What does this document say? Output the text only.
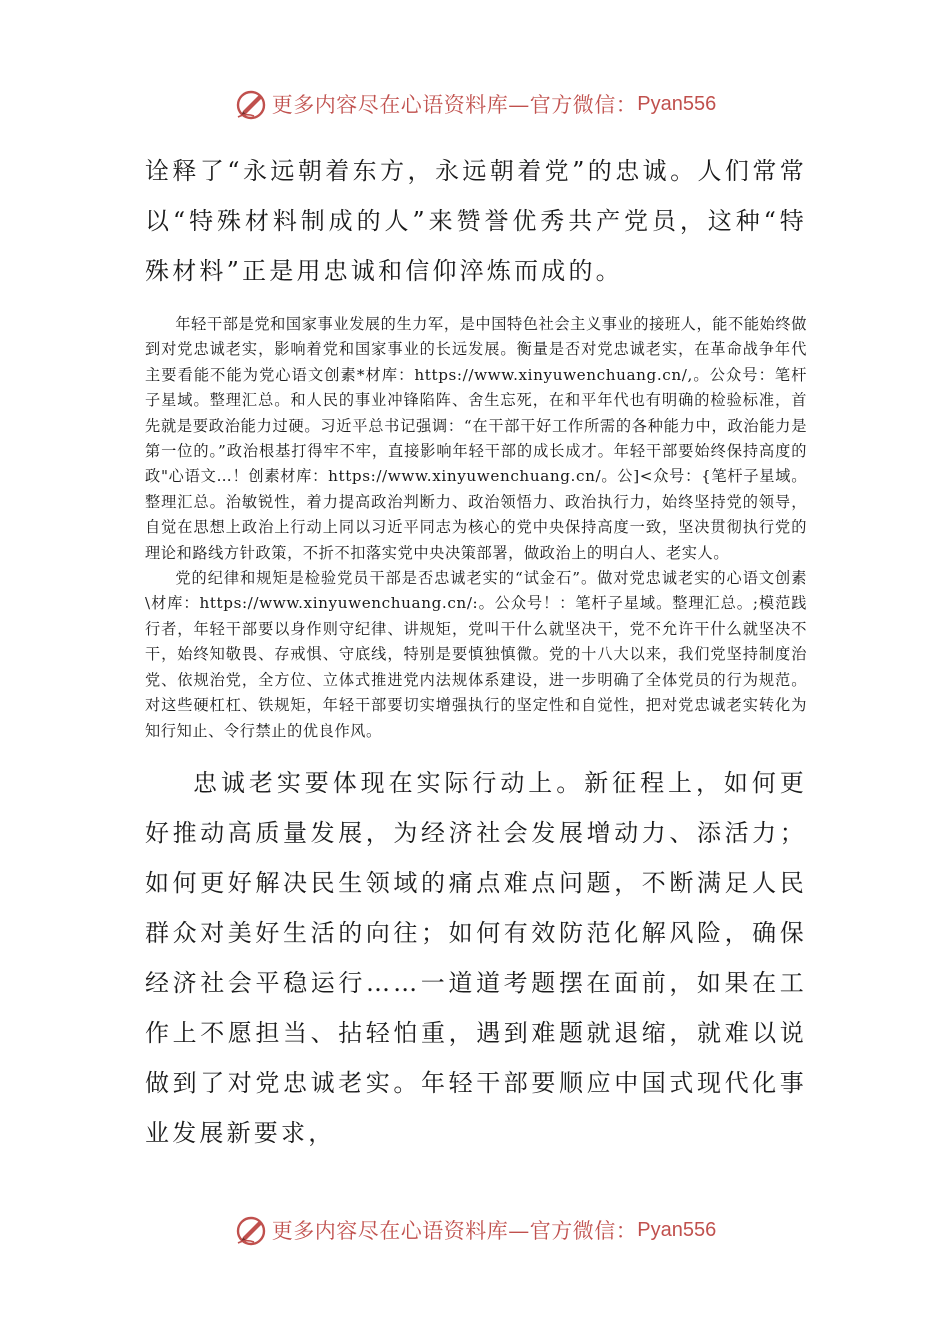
更多内容尽在心语资料库—官方微信： Pyan556

诠释了“永远朝着东方，永远朝着党”的忠诚。人们常常以“特殊材料制成的人”来赞誉优秀共产党员，这种“特殊材料”正是用忠诚和信仰淬炼而成的。

年轻干部是党和国家事业发展的生力军，是中国特色社会主义事业的接班人，能不能始终做到对党忠诚老实，影响着党和国家事业的长远发展。衡量是否对党忠诚老实，在革命战争年代主要看能不能为党心语文创素*材库：https://www.xinyuwenchuang.cn/,。公众号：笔杆子星域。整理汇总。和人民的事业冲锋陷阵、舍生忘死，在和平年代也有明确的检验标准，首先就是要政治能力过硬。习近平总书记强调：“在干部干好工作所需的各种能力中，政治能力是第一位的。”政治根基打得牢不牢，直接影响年轻干部的成长成才。年轻干部要始终保持高度的政"心语文…！创素材库：https://www.xinyuwenchuang.cn/。公]<众号：{笔杆子星域。整理汇总。治敏锐性，着力提高政治判断力、政治领悟力、政治执行力，始终坚持党的领导，自觉在思想上政治上行动上同以习近平同志为核心的党中央保持高度一致，坚决贯彻执行党的理论和路线方针政策，不折不扣落实党中央决策部署，做政治上的明白人、老实人。

党的纪律和规矩是检验党员干部是否忠诚老实的“试金石”。做对党忠诚老实的心语文创素\材库：https://www.xinyuwenchuang.cn/:。公众号！：笔杆子星域。整理汇总。;模范践行者，年轻干部要以身作则守纪律、讲规矩，党叫干什么就坚决干，党不允许干什么就坚决不干，始终知敬畏、存戒惧、守底线，特别是要慎独慎微。党的十八大以来，我们党坚持制度治党、依规治党，全方位、立体式推进党内法规体系建设，进一步明确了全体党员的行为规范。对这些硬杠杠、铁规矩，年轻干部要切实增强执行的坚定性和自觉性，把对党忠诚老实转化为知行知止、令行禁止的优良作风。

忠诚老实要体现在实际行动上。新征程上，如何更好推动高质量发展，为经济社会发展增动力、添活力；如何更好解决民生领域的痛点难点问题，不断满足人民群众对美好生活的向往；如何有效防范化解风险，确保经济社会平稳运行……一道道考题摆在面前，如果在工作上不愿担当、拈轻怕重，遇到难题就退缩，就难以说做到了对党忠诚老实。年轻干部要顺应中国式现代化事业发展新要求，

更多内容尽在心语资料库—官方微信： Pyan556
